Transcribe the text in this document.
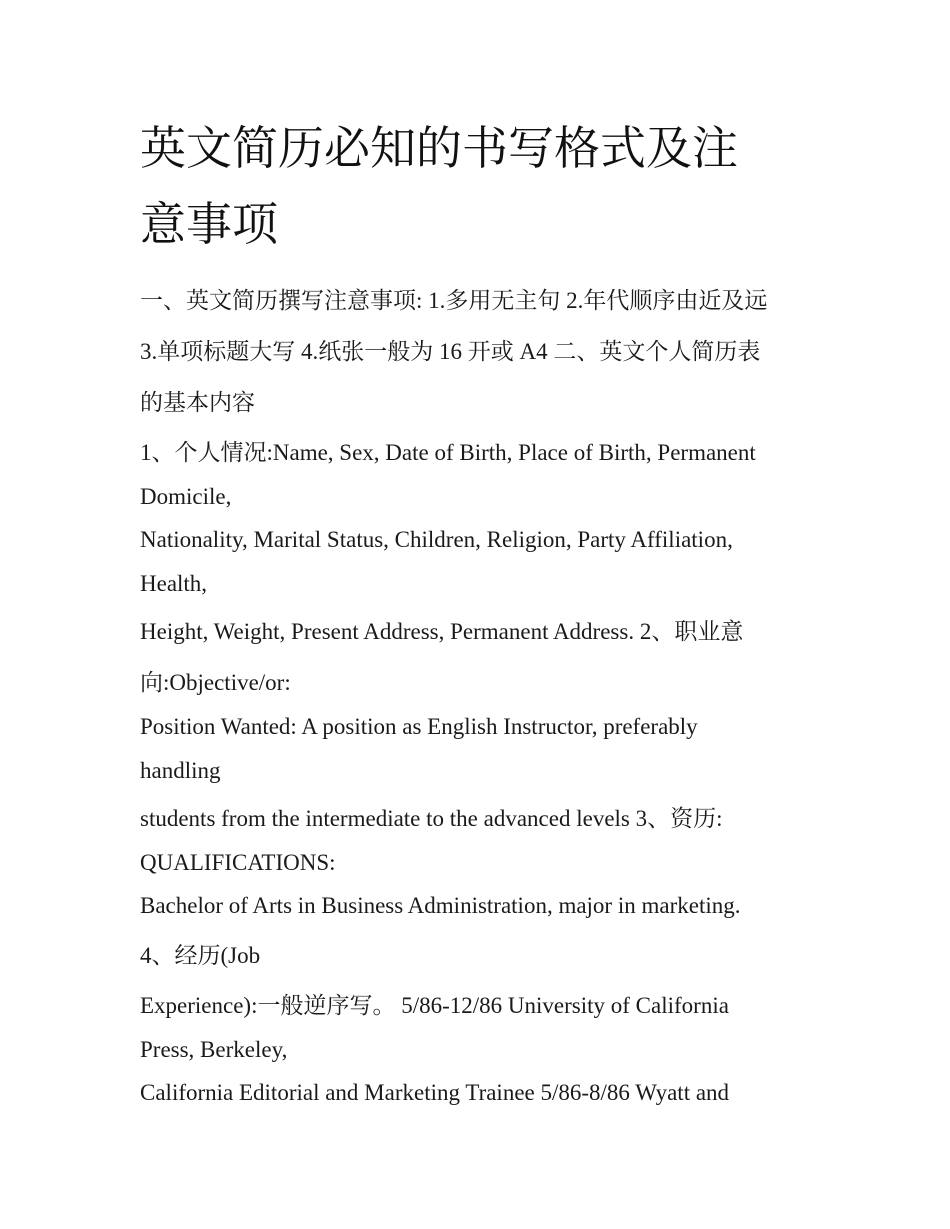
英文简历必知的书写格式及注
意事项

一、英文简历撰写注意事项: 1.多用无主句 2.年代顺序由近及远
3.单项标题大写 4.纸张一般为 16 开或 A4 二、英文个人简历表
的基本内容

1、个人情况:Name, Sex, Date of Birth, Place of Birth, Permanent
Domicile,

Nationality, Marital Status, Children, Religion, Party Affiliation,
Health,

Height, Weight, Present Address, Permanent Address. 2、职业意
向:Objective/or:

Position Wanted: A position as English Instructor, preferably
handling

students from the intermediate to the advanced levels 3、资历:
QUALIFICATIONS:

Bachelor of Arts in Business Administration, major in marketing.

4、经历(Job

Experience):一般逆序写。 5/86-12/86 University of California
Press, Berkeley,

California Editorial and Marketing Trainee 5/86-8/86 Wyatt and
